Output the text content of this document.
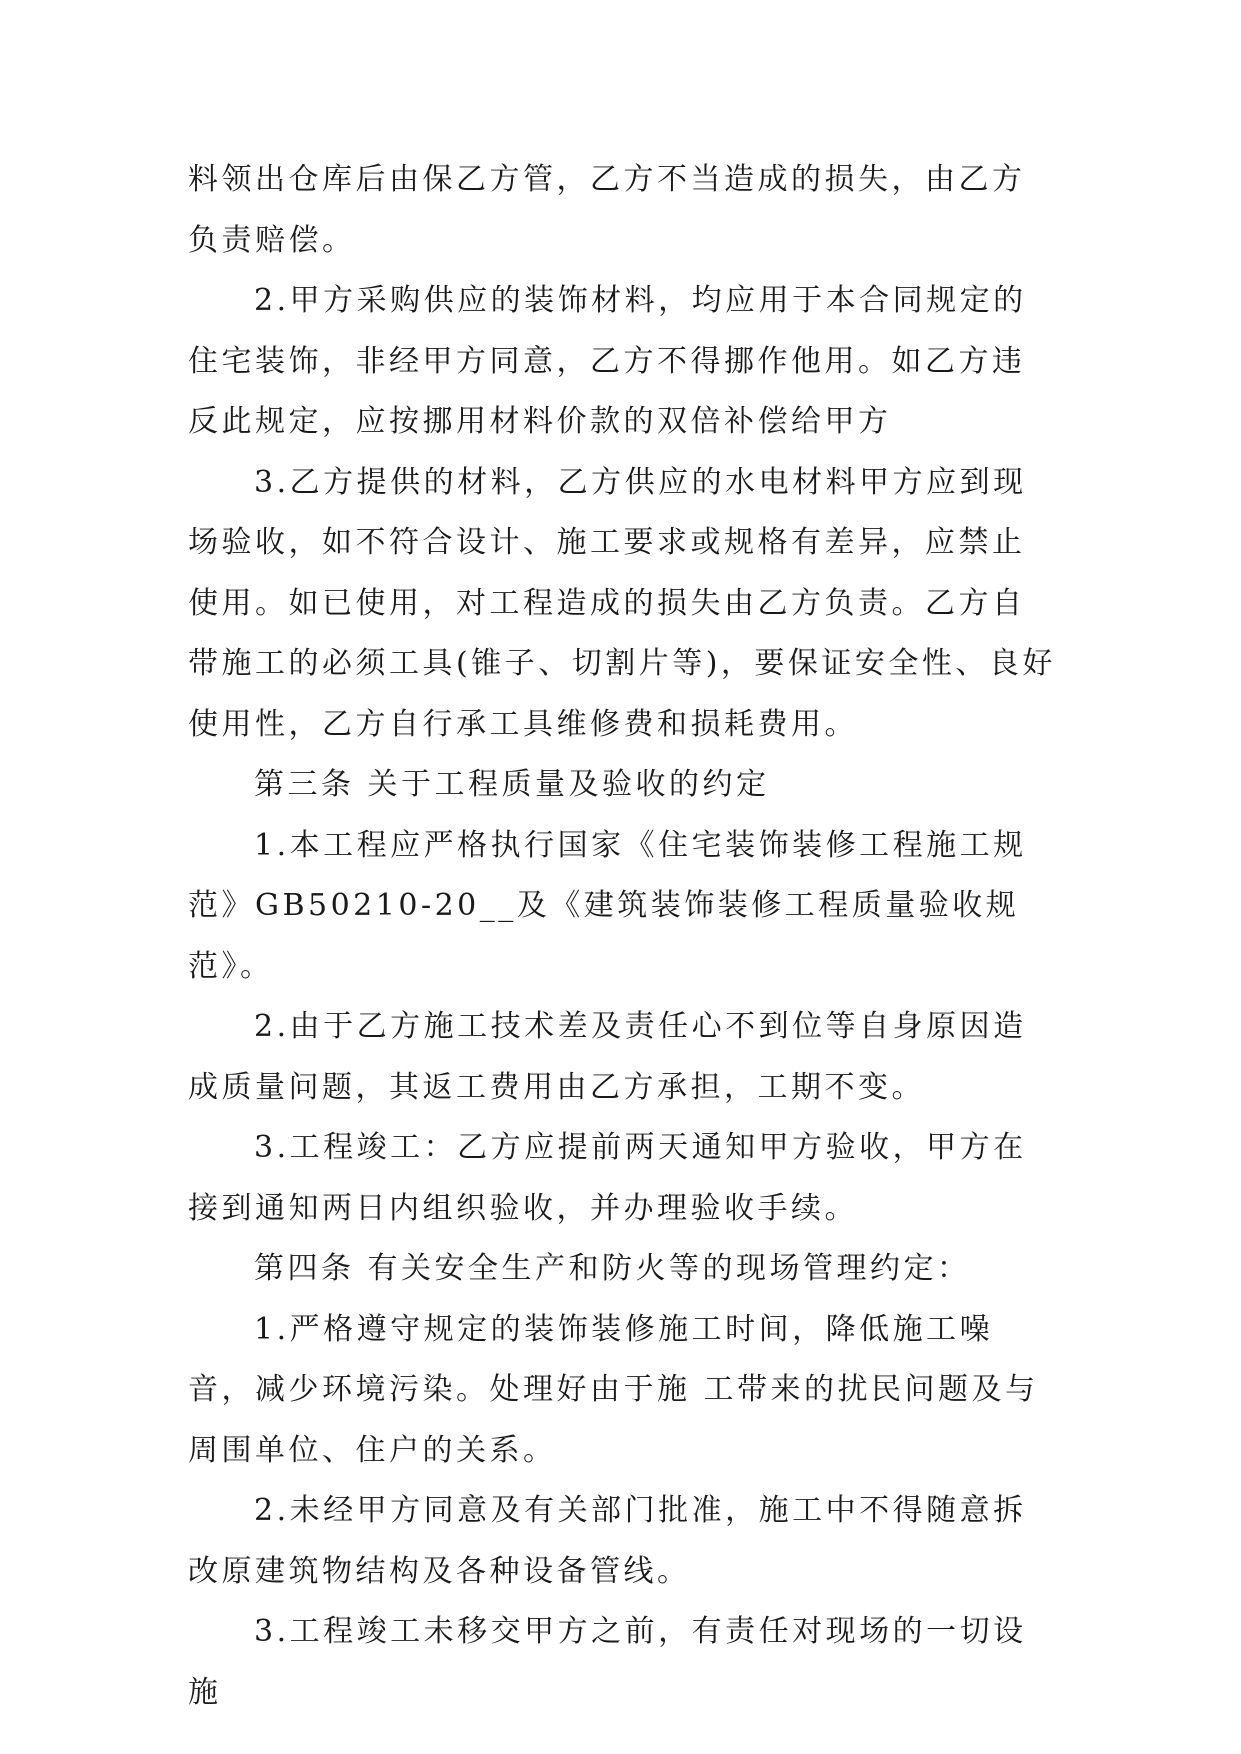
料领出仓库后由保乙方管，乙方不当造成的损失，由乙方负责赔偿。

2.甲方采购供应的装饰材料，均应用于本合同规定的住宅装饰，非经甲方同意，乙方不得挪作他用。如乙方违反此规定，应按挪用材料价款的双倍补偿给甲方

3.乙方提供的材料，乙方供应的水电材料甲方应到现场验收，如不符合设计、施工要求或规格有差异，应禁止使用。如已使用，对工程造成的损失由乙方负责。乙方自带施工的必须工具(锥子、切割片等)，要保证安全性、良好使用性，乙方自行承工具维修费和损耗费用。

第三条 关于工程质量及验收的约定

1.本工程应严格执行国家《住宅装饰装修工程施工规范》GB50210-20__及《建筑装饰装修工程质量验收规范》。

2.由于乙方施工技术差及责任心不到位等自身原因造成质量问题，其返工费用由乙方承担，工期不变。

3.工程竣工：乙方应提前两天通知甲方验收，甲方在接到通知两日内组织验收，并办理验收手续。

第四条 有关安全生产和防火等的现场管理约定：

1.严格遵守规定的装饰装修施工时间，降低施工噪音，减少环境污染。处理好由于施 工带来的扰民问题及与周围单位、住户的关系。

2.未经甲方同意及有关部门批准，施工中不得随意拆改原建筑物结构及各种设备管线。

3.工程竣工未移交甲方之前，有责任对现场的一切设施
